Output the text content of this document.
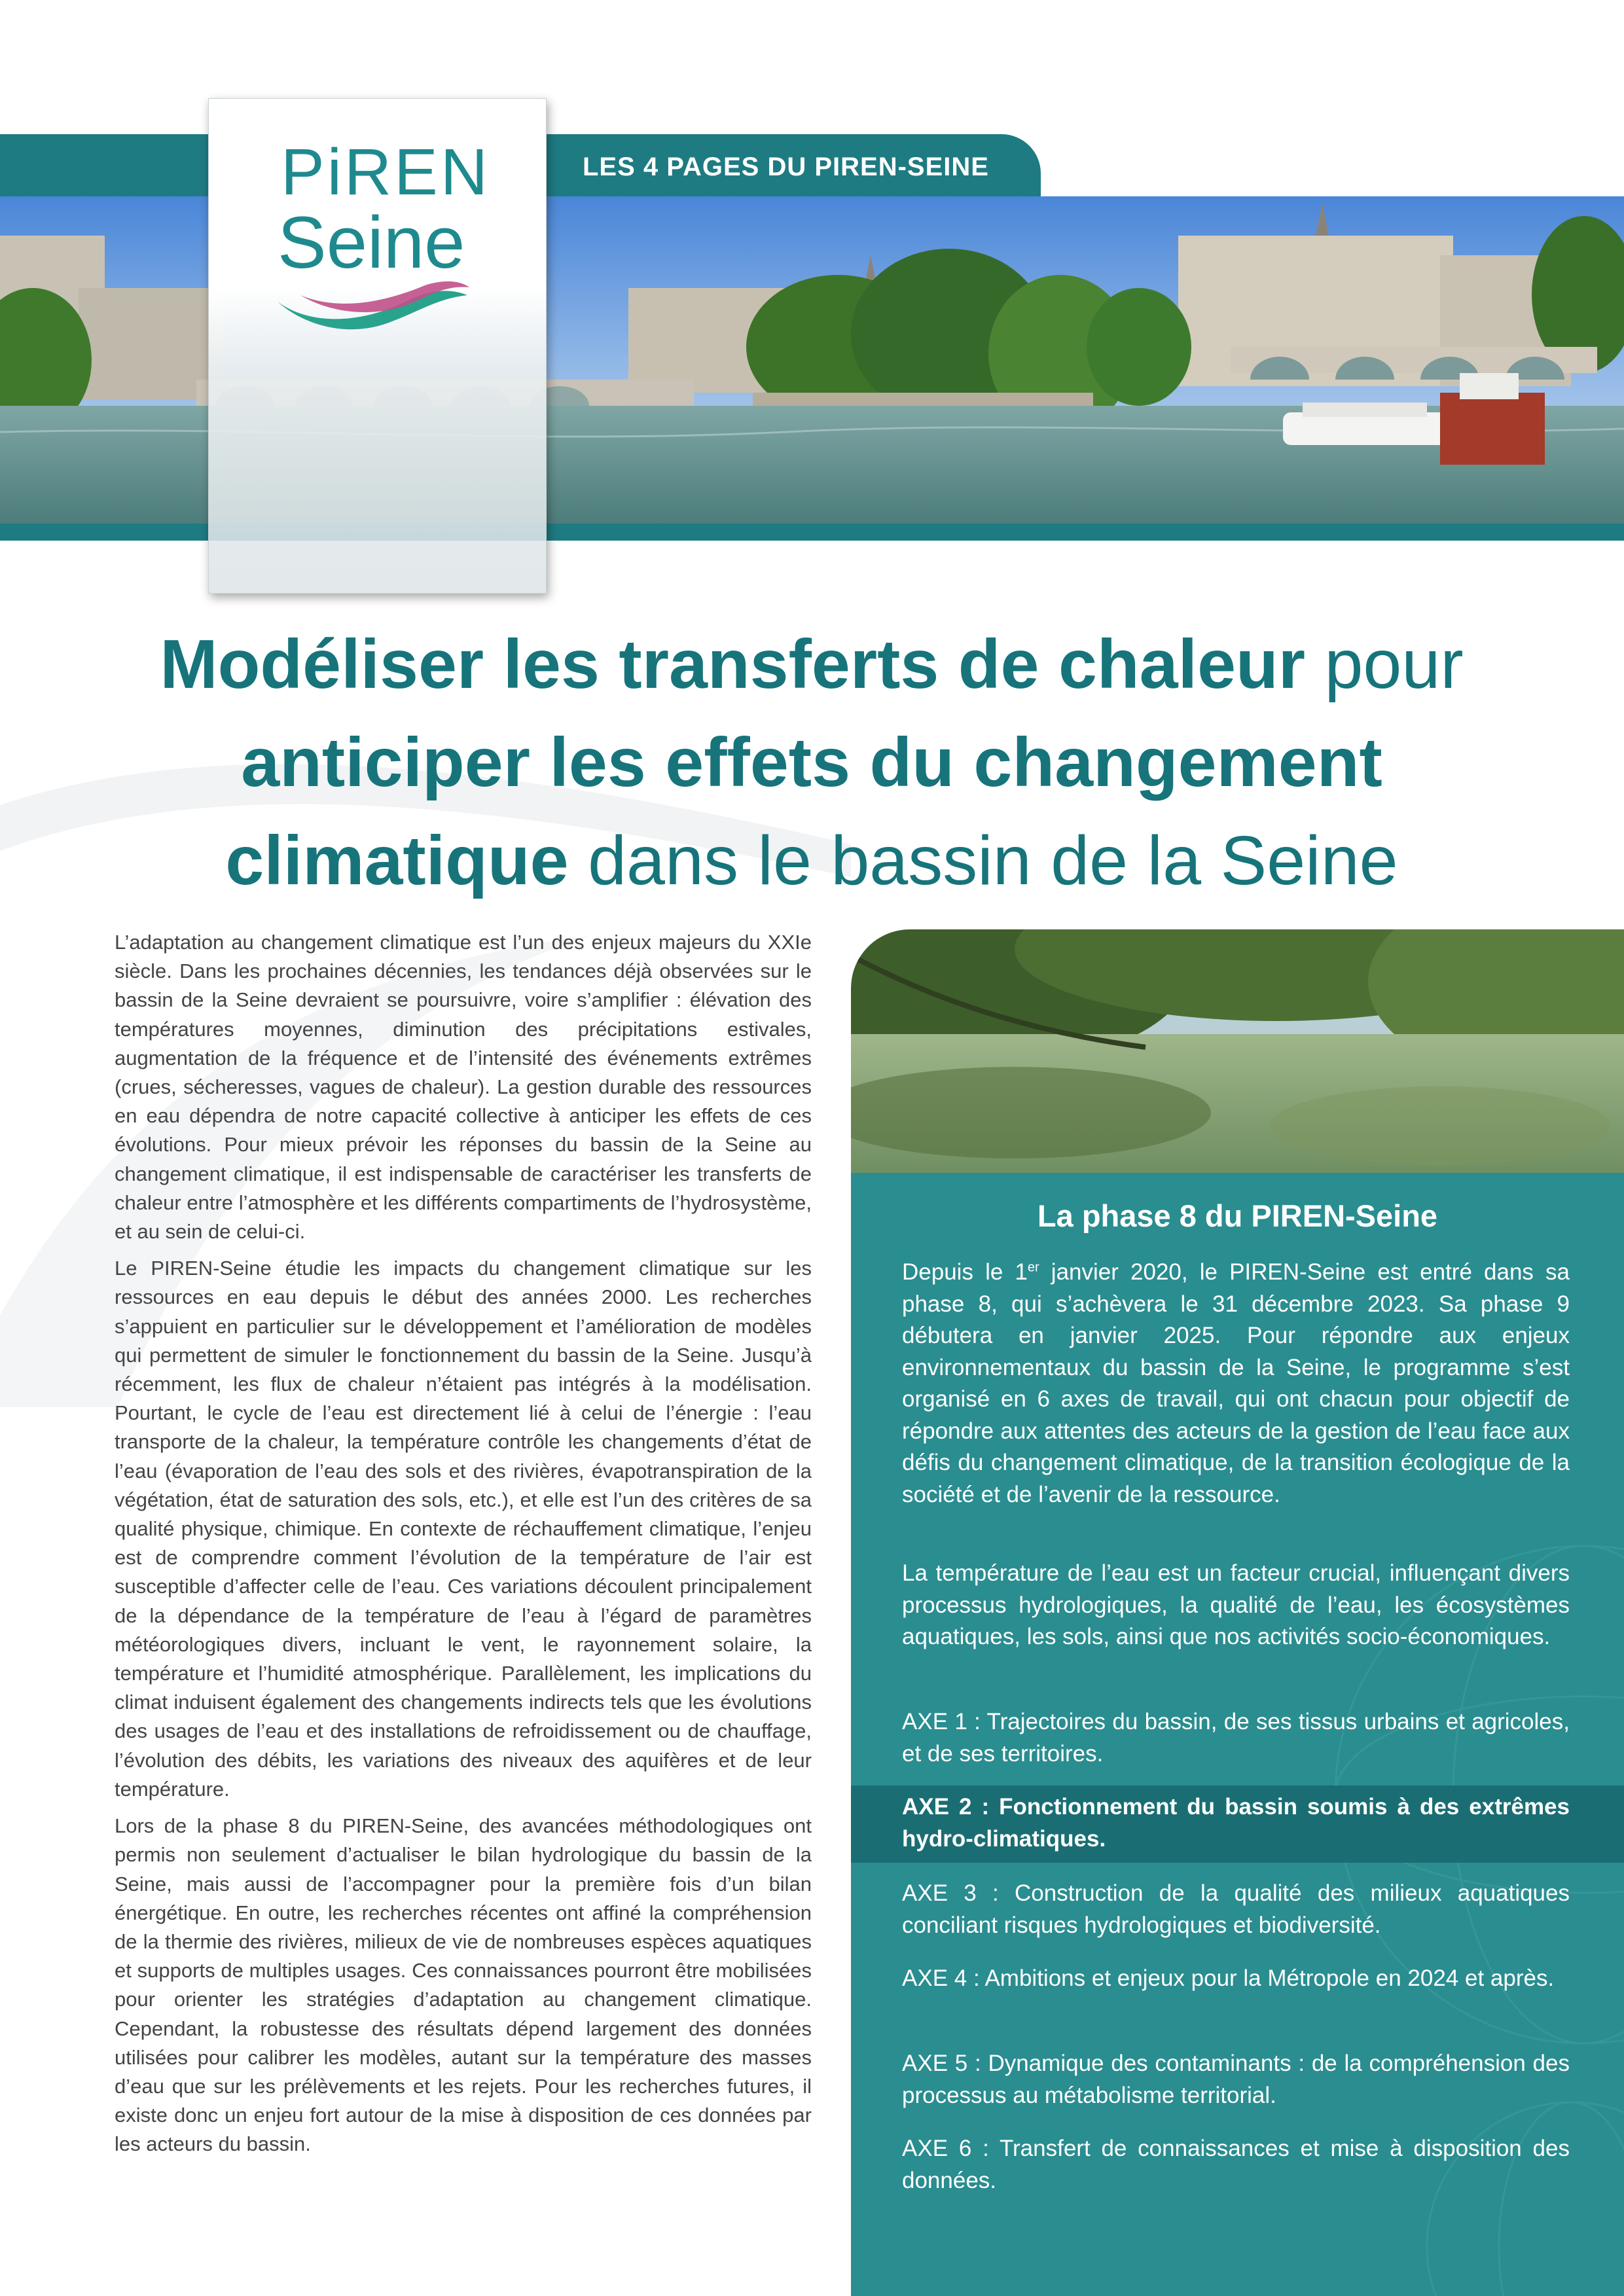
LES 4 PAGES DU PIREN-SEINE
PiREN
Seine
Modéliser les transferts de chaleur pour
anticiper les effets du changement
climatique dans le bassin de la Seine

L’adaptation au changement climatique est l’un des enjeux majeurs du XXIe siècle. Dans les prochaines décennies, les tendances déjà observées sur le bassin de la Seine devraient se poursuivre, voire s’amplifier : élévation des températures moyennes, diminution des précipitations estivales, augmentation de la fréquence et de l’intensité des événements extrêmes (crues, sécheresses, vagues de chaleur). La gestion durable des ressources en eau dépendra de notre capacité collective à anticiper les effets de ces évolutions. Pour mieux prévoir les réponses du bassin de la Seine au changement climatique, il est indispensable de caractériser les transferts de chaleur entre l’atmosphère et les différents compartiments de l’hydrosystème, et au sein de celui-ci.

Le PIREN-Seine étudie les impacts du changement climatique sur les ressources en eau depuis le début des années 2000. Les recherches s’appuient en particulier sur le développement et l’amélioration de modèles qui permettent de simuler le fonctionnement du bassin de la Seine. Jusqu’à récemment, les flux de chaleur n’étaient pas intégrés à la modélisation. Pourtant, le cycle de l’eau est directement lié à celui de l’énergie : l’eau transporte de la chaleur, la température contrôle les changements d’état de l’eau (évaporation de l’eau des sols et des rivières, évapotranspiration de la végétation, état de saturation des sols, etc.), et elle est l’un des critères de sa qualité physique, chimique. En contexte de réchauffement climatique, l’enjeu est de comprendre comment l’évolution de la température de l’air est susceptible d’affecter celle de l’eau. Ces variations découlent principalement de la dépendance de la température de l’eau à l’égard de paramètres météorologiques divers, incluant le vent, le rayonnement solaire, la température et l’humidité atmosphérique. Parallèlement, les implications du climat induisent également des changements indirects tels que les évolutions des usages de l’eau et des installations de refroidissement ou de chauffage, l’évolution des débits, les variations des niveaux des aquifères et de leur température.

Lors de la phase 8 du PIREN-Seine, des avancées méthodologiques ont permis non seulement d’actualiser le bilan hydrologique du bassin de la Seine, mais aussi de l’accompagner pour la première fois d’un bilan énergétique. En outre, les recherches récentes ont affiné la compréhension de la thermie des rivières, milieux de vie de nombreuses espèces aquatiques et supports de multiples usages. Ces connaissances pourront être mobilisées pour orienter les stratégies d’adaptation au changement climatique. Cependant, la robustesse des résultats dépend largement des données utilisées pour calibrer les modèles, autant sur la température des masses d’eau que sur les prélèvements et les rejets. Pour les recherches futures, il existe donc un enjeu fort autour de la mise à disposition de ces données par les acteurs du bassin.

La phase 8 du PIREN-Seine
Depuis le 1er janvier 2020, le PIREN-Seine est entré dans sa phase 8, qui s’achèvera le 31 décembre 2023. Sa phase 9 débutera en janvier 2025. Pour répondre aux enjeux environnementaux du bassin de la Seine, le programme s’est organisé en 6 axes de travail, qui ont chacun pour objectif de répondre aux attentes des acteurs de la gestion de l’eau face aux défis du changement climatique, de la transition écologique de la société et de l’avenir de la ressource.
La température de l’eau est un facteur crucial, influençant divers processus hydrologiques, la qualité de l’eau, les écosystèmes aquatiques, les sols, ainsi que nos activités socio-économiques.
AXE 1 : Trajectoires du bassin, de ses tissus urbains et agricoles, et de ses territoires.
AXE 2 : Fonctionnement du bassin soumis à des extrêmes hydro-climatiques.
AXE 3 : Construction de la qualité des milieux aquatiques conciliant risques hydrologiques et biodiversité.
AXE 4 : Ambitions et enjeux pour la Métropole en 2024 et après.
AXE 5 : Dynamique des contaminants : de la compréhension des processus au métabolisme territorial.
AXE 6 : Transfert de connaissances et mise à disposition des données.
